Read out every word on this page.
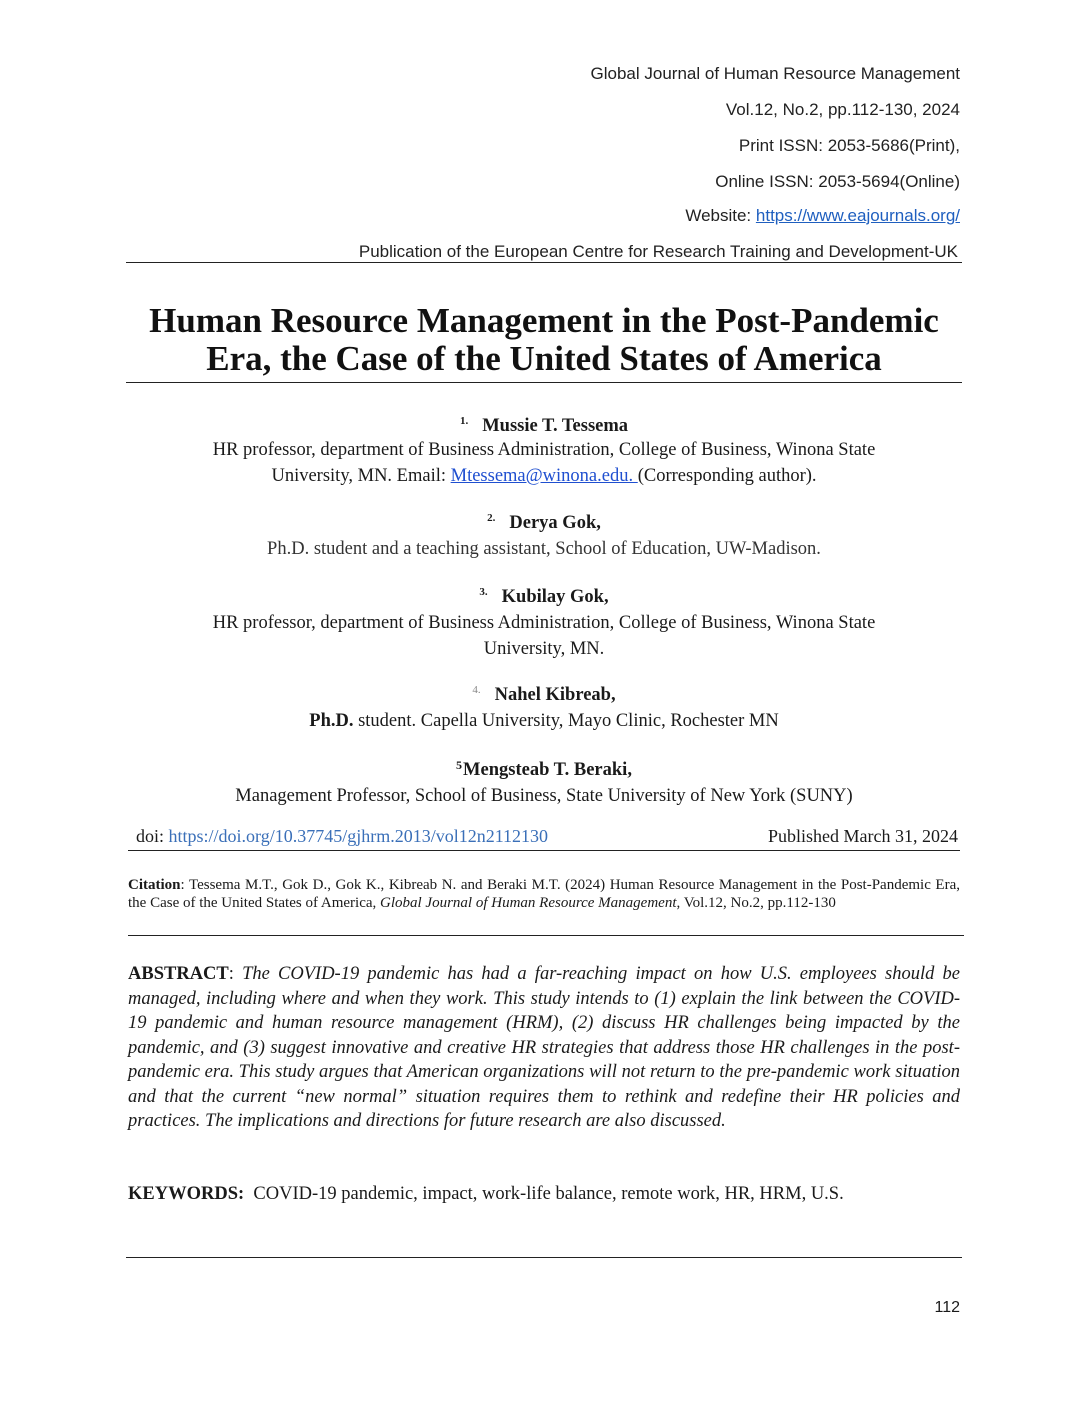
Global Journal of Human Resource Management
Vol.12, No.2, pp.112-130, 2024
Print ISSN: 2053-5686(Print),
Online ISSN: 2053-5694(Online)
Website: https://www.eajournals.org/
Publication of the European Centre for Research Training and Development-UK
Human Resource Management in the Post-Pandemic
Era, the Case of the United States of America
$^{1.}$ Mussie T. Tessema
HR professor, department of Business Administration, College of Business, Winona State
University, MN. Email: Mtessema@winona.edu. (Corresponding author).
$^{2.}$ Derya Gok,
Ph.D. student and a teaching assistant, School of Education, UW-Madison.
$^{3.}$ Kubilay Gok,
HR professor, department of Business Administration, College of Business, Winona State
University, MN.
$^{4.}$ Nahel Kibreab,
Ph.D. student. Capella University, Mayo Clinic, Rochester MN
$^5$Mengsteab T. Beraki,
Management Professor, School of Business, State University of New York (SUNY)
doi: https://doi.org/10.37745/gjhrm.2013/vol12n2112130	Published March 31, 2024
Citation: Tessema M.T., Gok D., Gok K., Kibreab N. and Beraki M.T. (2024) Human Resource Management in the Post-Pandemic Era, the Case of the United States of America, Global Journal of Human Resource Management, Vol.12, No.2, pp.112-130
ABSTRACT: The COVID-19 pandemic has had a far-reaching impact on how U.S. employees should be managed, including where and when they work. This study intends to (1) explain the link between the COVID-19 pandemic and human resource management (HRM), (2) discuss HR challenges being impacted by the pandemic, and (3) suggest innovative and creative HR strategies that address those HR challenges in the post-pandemic era. This study argues that American organizations will not return to the pre-pandemic work situation and that the current “new normal” situation requires them to rethink and redefine their HR policies and practices. The implications and directions for future research are also discussed.
KEYWORDS: COVID-19 pandemic, impact, work-life balance, remote work, HR, HRM, U.S.
112
